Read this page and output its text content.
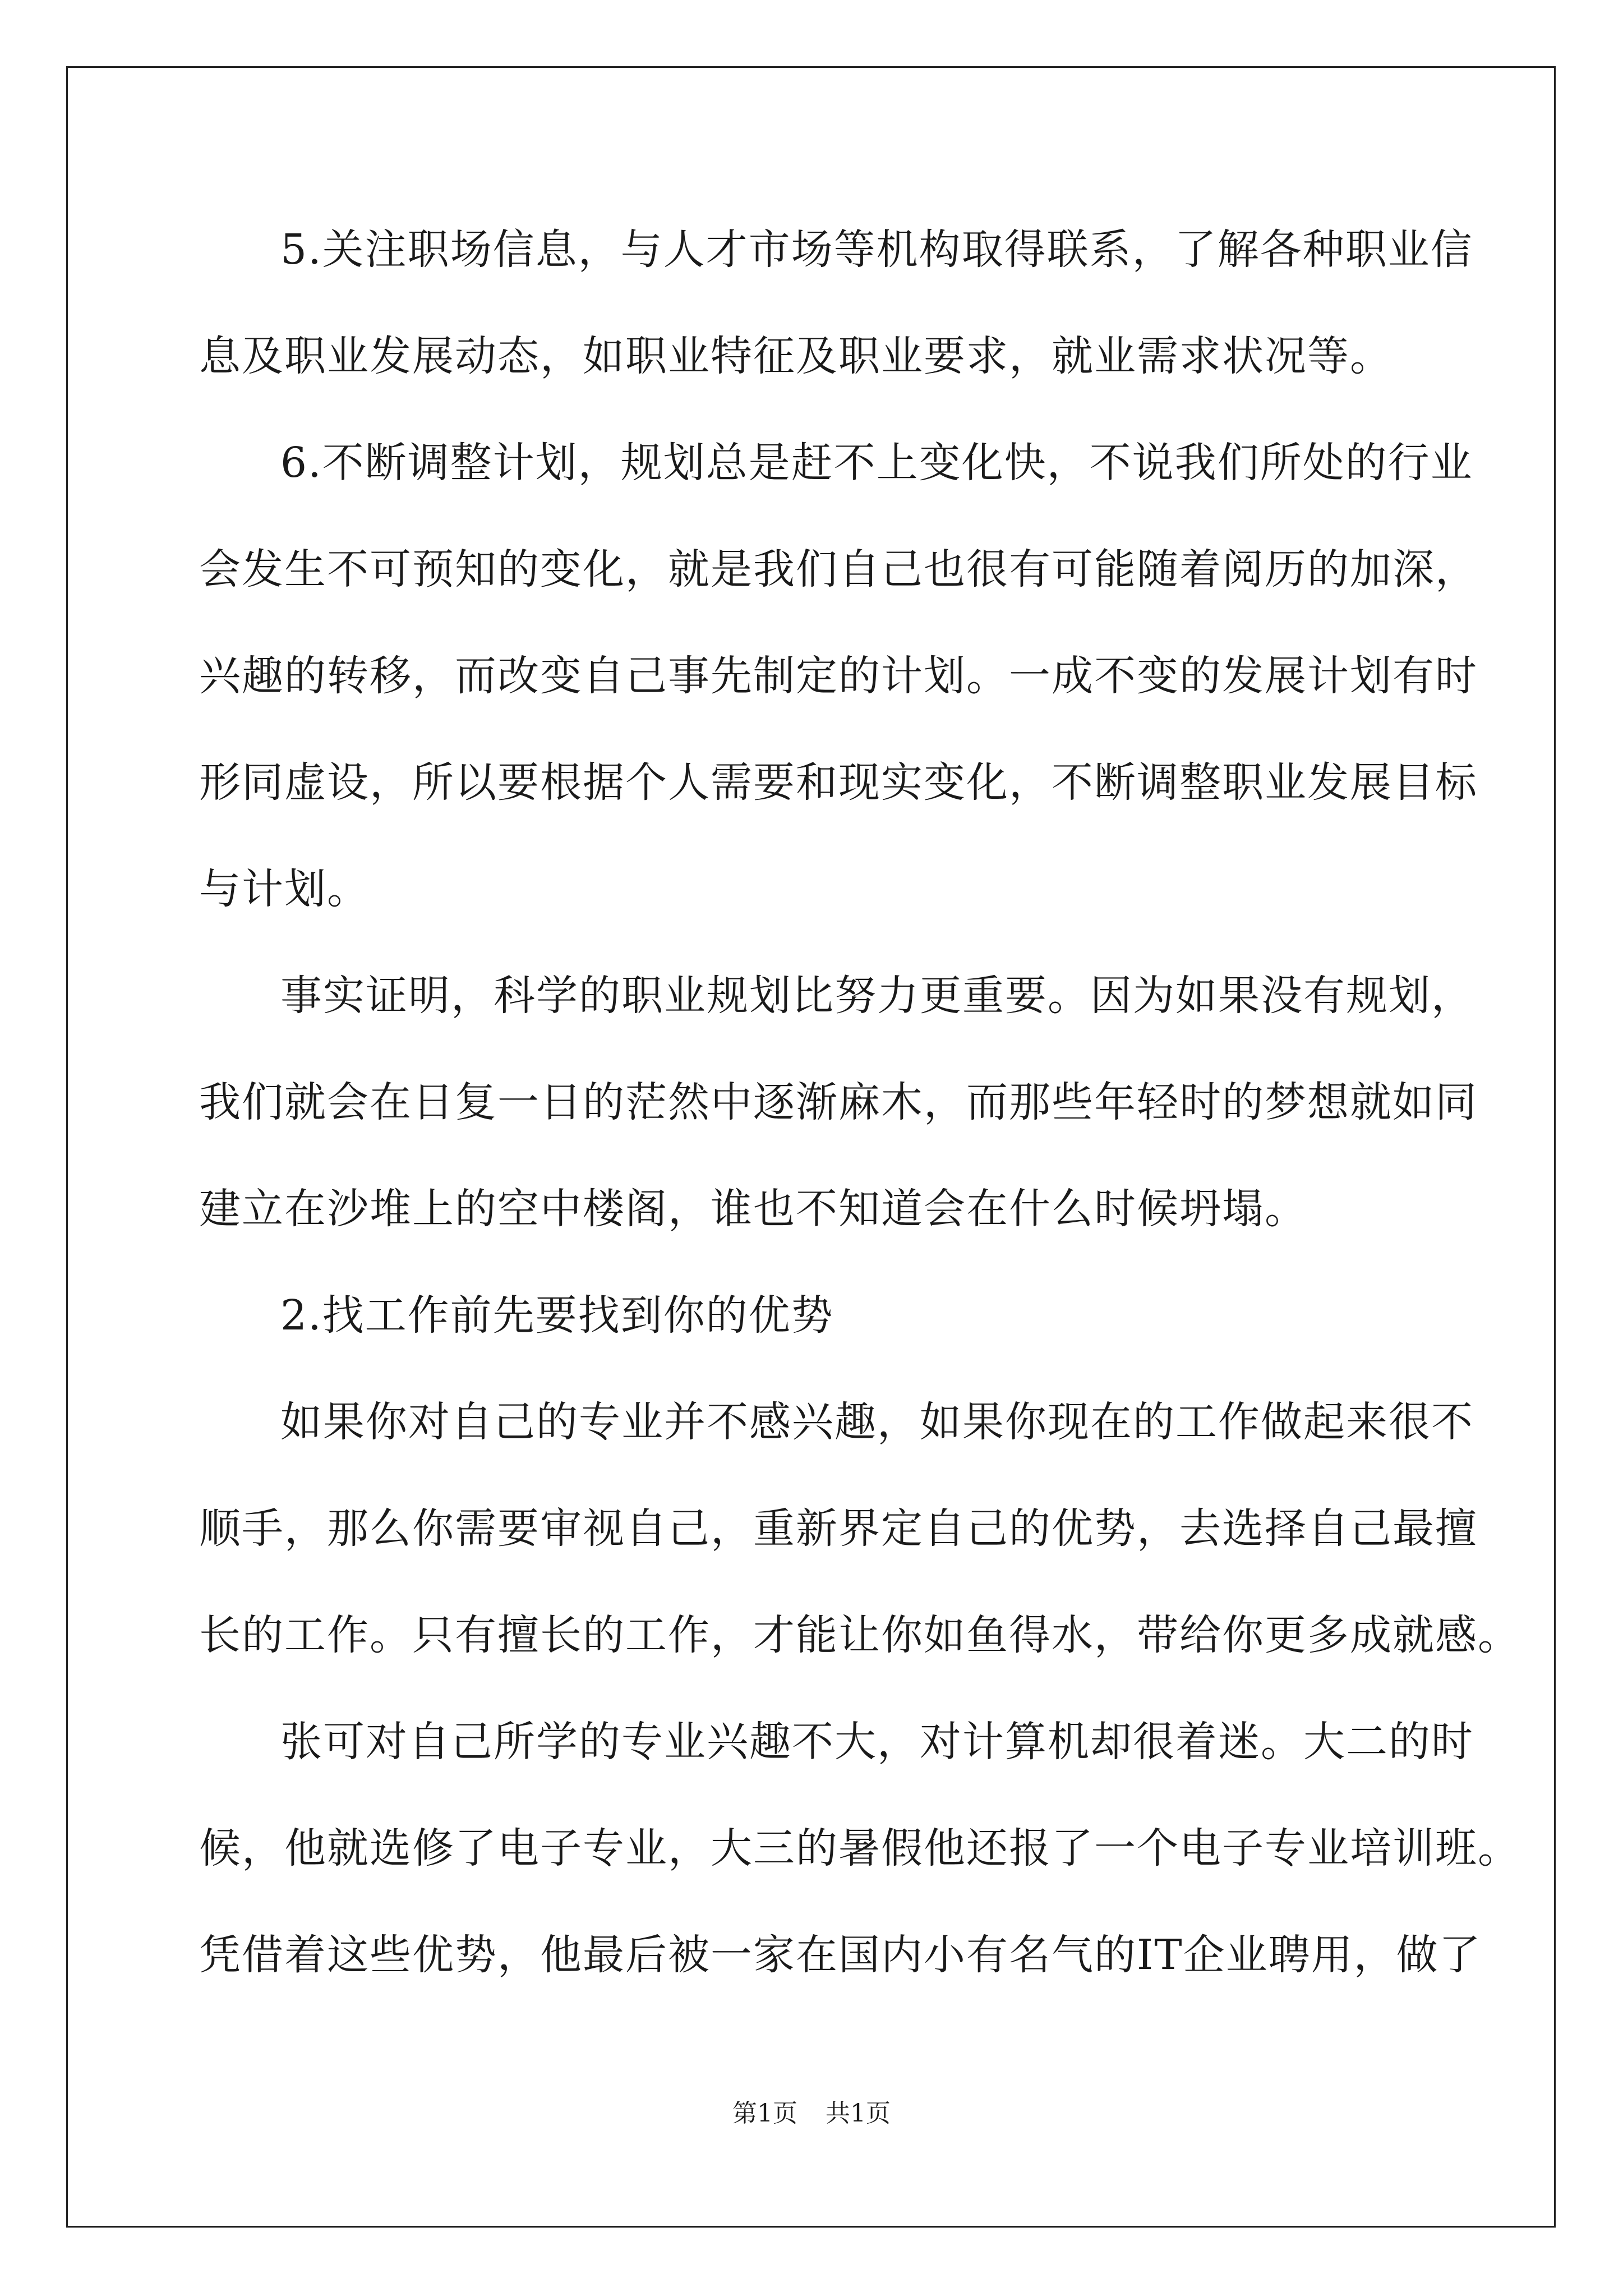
5.关注职场信息，与人才市场等机构取得联系，了解各种职业信
息及职业发展动态，如职业特征及职业要求，就业需求状况等。
6.不断调整计划，规划总是赶不上变化快，不说我们所处的行业
会发生不可预知的变化，就是我们自己也很有可能随着阅历的加深，
兴趣的转移，而改变自己事先制定的计划。一成不变的发展计划有时
形同虚设，所以要根据个人需要和现实变化，不断调整职业发展目标
与计划。
事实证明，科学的职业规划比努力更重要。因为如果没有规划，
我们就会在日复一日的茫然中逐渐麻木，而那些年轻时的梦想就如同
建立在沙堆上的空中楼阁，谁也不知道会在什么时候坍塌。
2.找工作前先要找到你的优势
如果你对自己的专业并不感兴趣，如果你现在的工作做起来很不
顺手，那么你需要审视自己，重新界定自己的优势，去选择自己最擅
长的工作。只有擅长的工作，才能让你如鱼得水，带给你更多成就感。
张可对自己所学的专业兴趣不大，对计算机却很着迷。大二的时
候，他就选修了电子专业，大三的暑假他还报了一个电子专业培训班。
凭借着这些优势，他最后被一家在国内小有名气的IT企业聘用，做了
第1页 共1页
